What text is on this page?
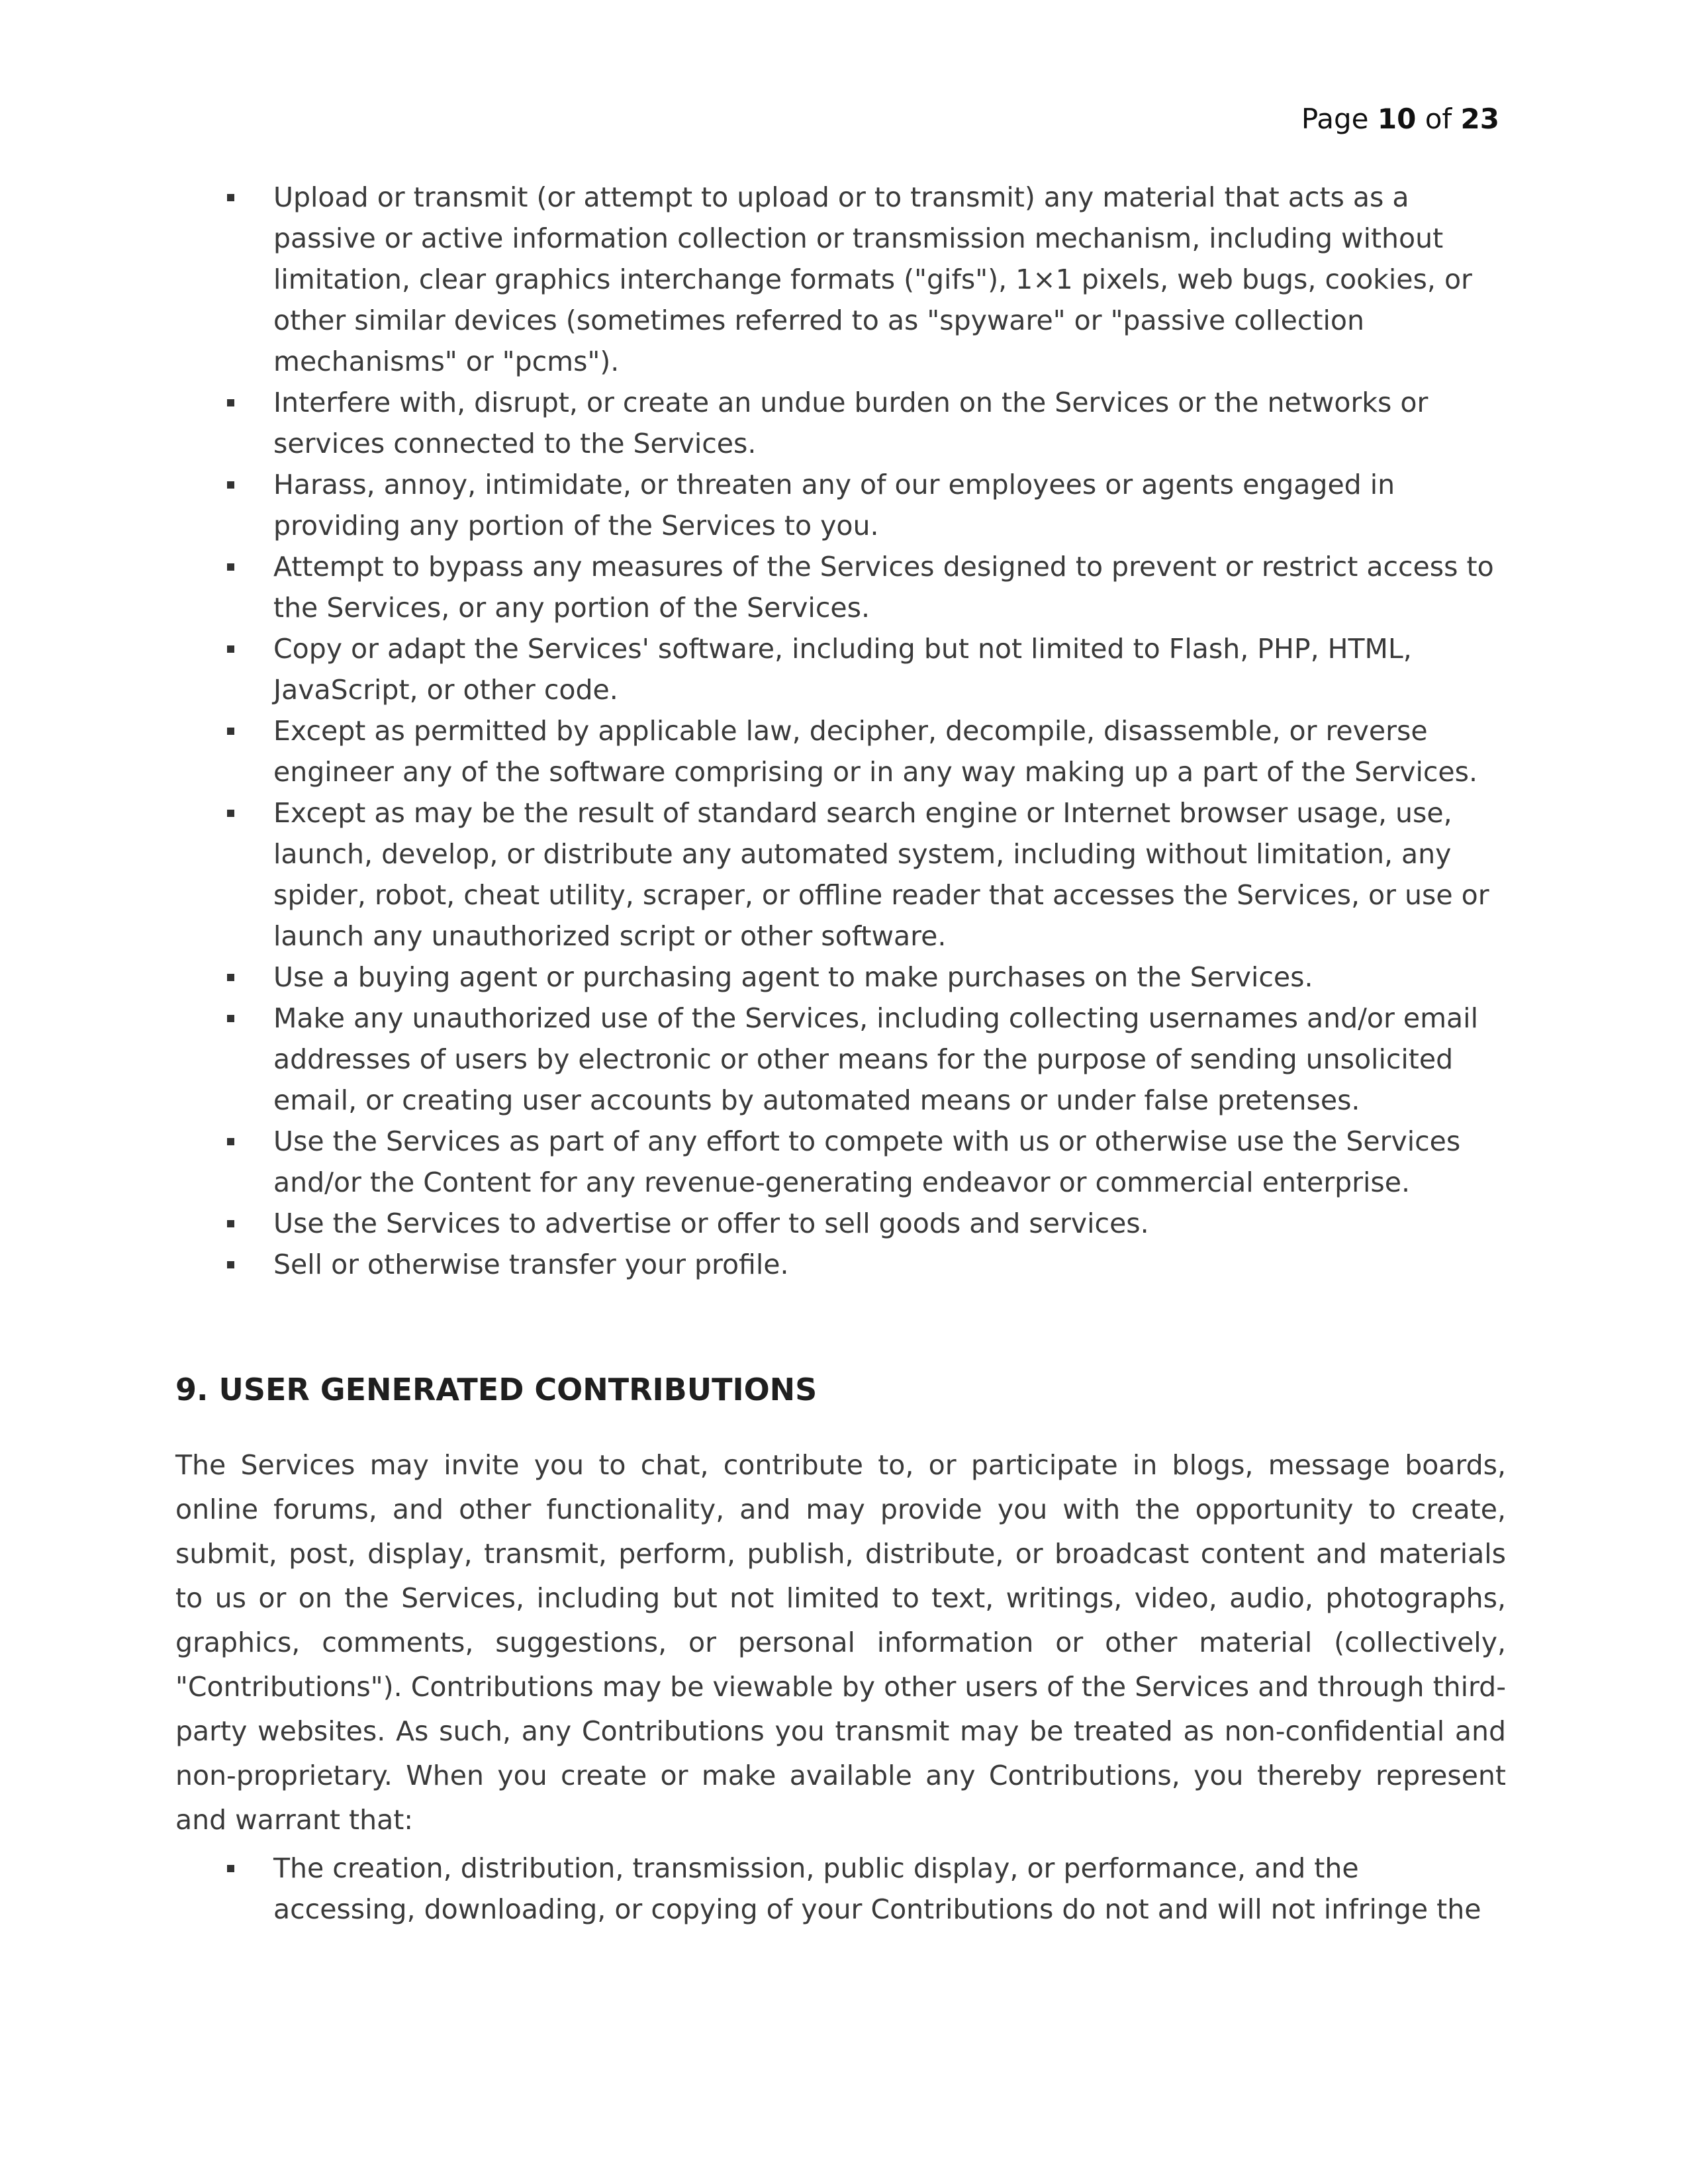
Page 10 of 23
Upload or transmit (or attempt to upload or to transmit) any material that acts as a passive or active information collection or transmission mechanism, including without limitation, clear graphics interchange formats ("gifs"), 1×1 pixels, web bugs, cookies, or other similar devices (sometimes referred to as "spyware" or "passive collection mechanisms" or "pcms").
Interfere with, disrupt, or create an undue burden on the Services or the networks or services connected to the Services.
Harass, annoy, intimidate, or threaten any of our employees or agents engaged in providing any portion of the Services to you.
Attempt to bypass any measures of the Services designed to prevent or restrict access to the Services, or any portion of the Services.
Copy or adapt the Services' software, including but not limited to Flash, PHP, HTML, JavaScript, or other code.
Except as permitted by applicable law, decipher, decompile, disassemble, or reverse engineer any of the software comprising or in any way making up a part of the Services.
Except as may be the result of standard search engine or Internet browser usage, use, launch, develop, or distribute any automated system, including without limitation, any spider, robot, cheat utility, scraper, or offline reader that accesses the Services, or use or launch any unauthorized script or other software.
Use a buying agent or purchasing agent to make purchases on the Services.
Make any unauthorized use of the Services, including collecting usernames and/or email addresses of users by electronic or other means for the purpose of sending unsolicited email, or creating user accounts by automated means or under false pretenses.
Use the Services as part of any effort to compete with us or otherwise use the Services and/or the Content for any revenue-generating endeavor or commercial enterprise.
Use the Services to advertise or offer to sell goods and services.
Sell or otherwise transfer your profile.
9. USER GENERATED CONTRIBUTIONS

The Services may invite you to chat, contribute to, or participate in blogs, message boards, online forums, and other functionality, and may provide you with the opportunity to create, submit, post, display, transmit, perform, publish, distribute, or broadcast content and materials to us or on the Services, including but not limited to text, writings, video, audio, photographs, graphics, comments, suggestions, or personal information or other material (collectively, "Contributions"). Contributions may be viewable by other users of the Services and through third-party websites. As such, any Contributions you transmit may be treated as non-confidential and non-proprietary. When you create or make available any Contributions, you thereby represent and warrant that:

The creation, distribution, transmission, public display, or performance, and the accessing, downloading, or copying of your Contributions do not and will not infringe the
